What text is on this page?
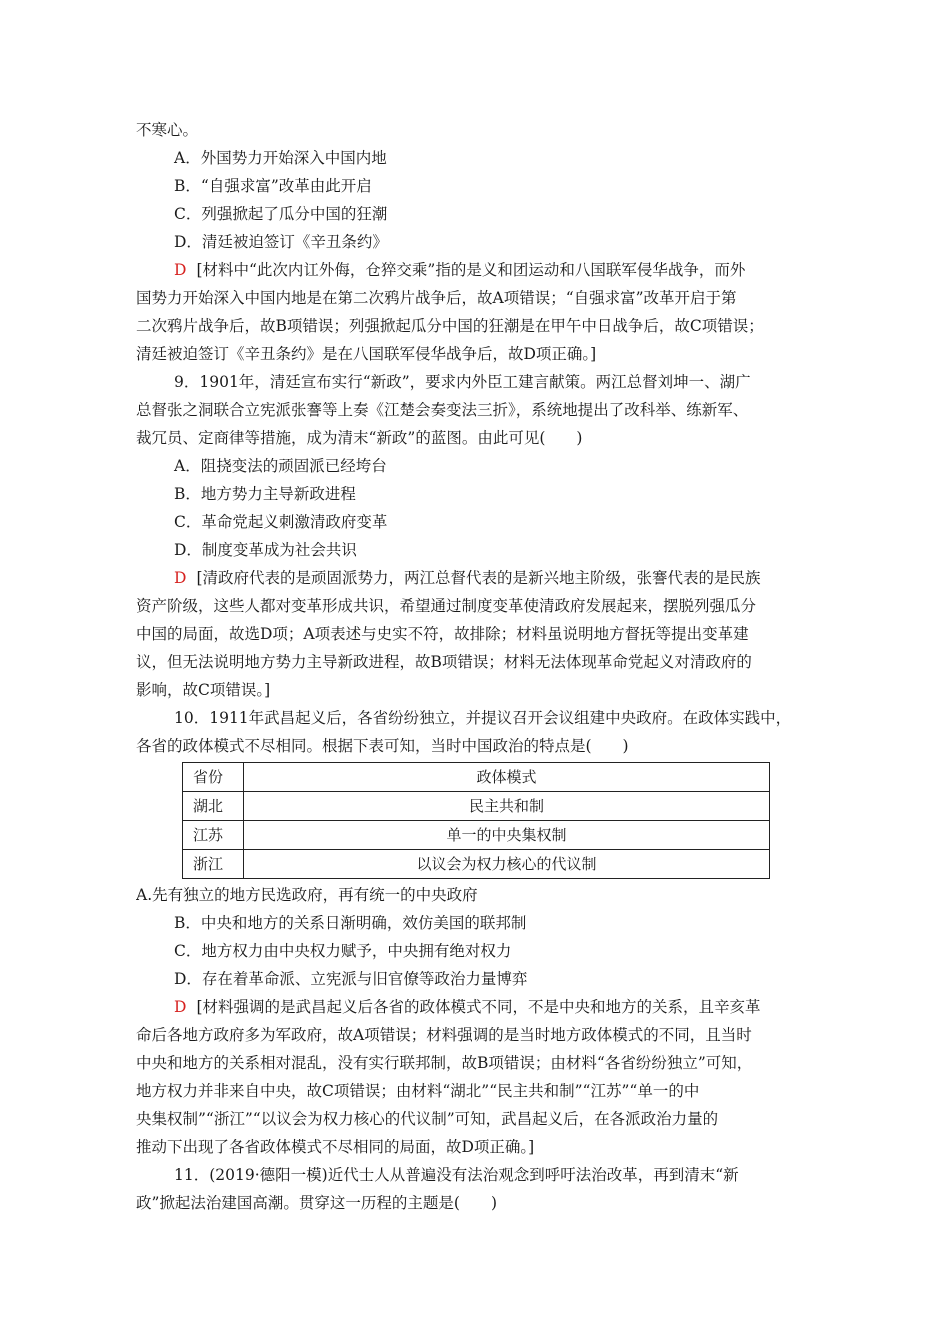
不寒心。
A．外国势力开始深入中国内地
B．“自强求富”改革由此开启
C．列强掀起了瓜分中国的狂潮
D．清廷被迫签订《辛丑条约》
D [材料中“此次内讧外侮，仓猝交乘”指的是义和团运动和八国联军侵华战争，而外
国势力开始深入中国内地是在第二次鸦片战争后，故A项错误；“自强求富”改革开启于第
二次鸦片战争后，故B项错误；列强掀起瓜分中国的狂潮是在甲午中日战争后，故C项错误；
清廷被迫签订《辛丑条约》是在八国联军侵华战争后，故D项正确。]
9．1901年，清廷宣布实行“新政”，要求内外臣工建言献策。两江总督刘坤一、湖广
总督张之洞联合立宪派张謇等上奏《江楚会奏变法三折》，系统地提出了改科举、练新军、
裁冗员、定商律等措施，成为清末“新政”的蓝图。由此可见(　　)
A．阻挠变法的顽固派已经垮台
B．地方势力主导新政进程
C．革命党起义刺激清政府变革
D．制度变革成为社会共识
D [清政府代表的是顽固派势力，两江总督代表的是新兴地主阶级，张謇代表的是民族
资产阶级，这些人都对变革形成共识，希望通过制度变革使清政府发展起来，摆脱列强瓜分
中国的局面，故选D项；A项表述与史实不符，故排除；材料虽说明地方督抚等提出变革建
议，但无法说明地方势力主导新政进程，故B项错误；材料无法体现革命党起义对清政府的
影响，故C项错误。]
10．1911年武昌起义后，各省纷纷独立，并提议召开会议组建中央政府。在政体实践中，
各省的政体模式不尽相同。根据下表可知，当时中国政治的特点是(　　)
省份	政体模式
湖北	民主共和制
江苏	单一的中央集权制
浙江	以议会为权力核心的代议制
A.先有独立的地方民选政府，再有统一的中央政府
B．中央和地方的关系日渐明确，效仿美国的联邦制
C．地方权力由中央权力赋予，中央拥有绝对权力
D．存在着革命派、立宪派与旧官僚等政治力量博弈
D [材料强调的是武昌起义后各省的政体模式不同，不是中央和地方的关系，且辛亥革
命后各地方政府多为军政府，故A项错误；材料强调的是当时地方政体模式的不同，且当时
中央和地方的关系相对混乱，没有实行联邦制，故B项错误；由材料“各省纷纷独立”可知，
地方权力并非来自中央，故C项错误；由材料“湖北”“民主共和制”“江苏”“单一的中
央集权制”“浙江”“以议会为权力核心的代议制”可知，武昌起义后，在各派政治力量的
推动下出现了各省政体模式不尽相同的局面，故D项正确。]
11．(2019·德阳一模)近代士人从普遍没有法治观念到呼吁法治改革，再到清末“新
政”掀起法治建国高潮。贯穿这一历程的主题是(　　)
